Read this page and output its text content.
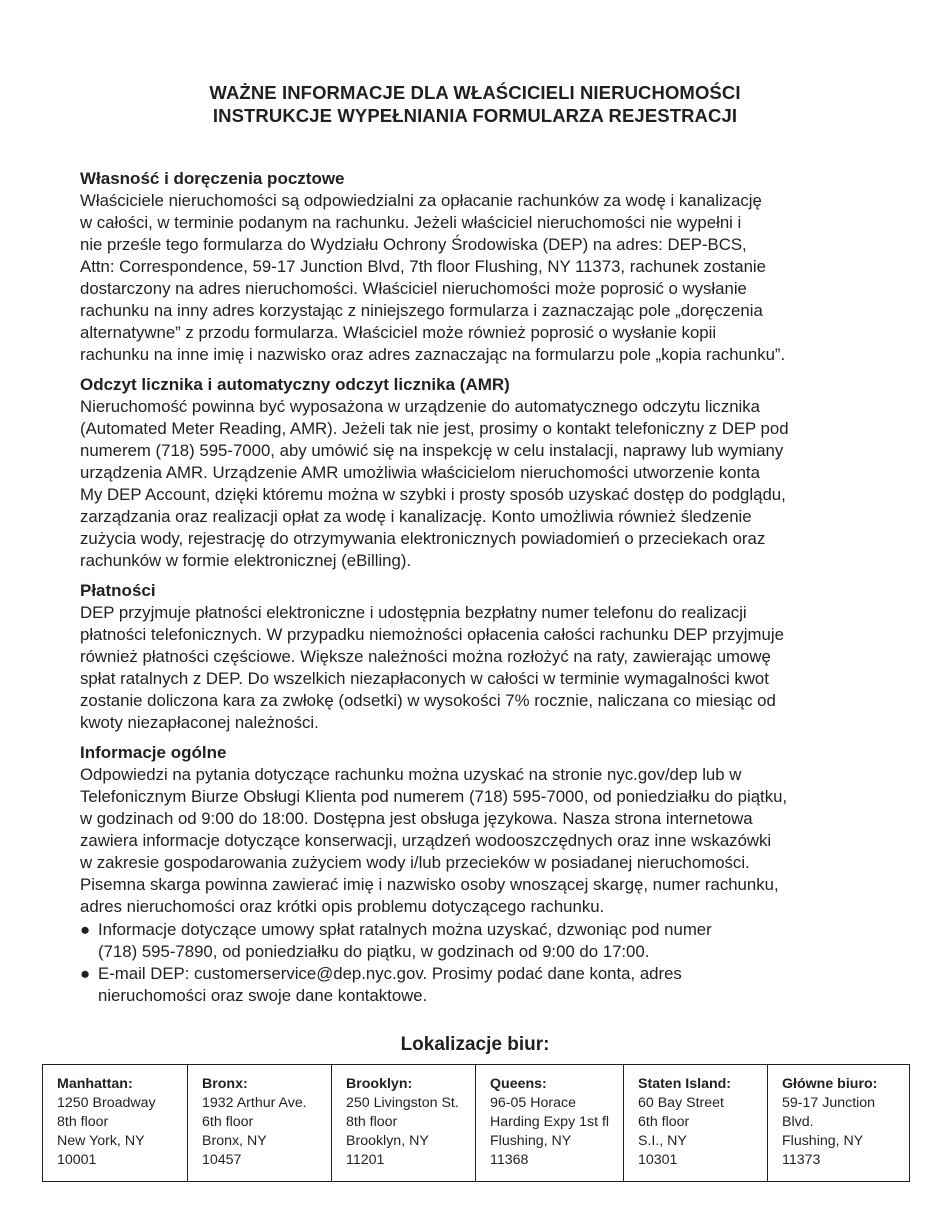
WAŻNE INFORMACJE DLA WŁAŚCICIELI NIERUCHOMOŚCI
INSTRUKCJE WYPEŁNIANIA FORMULARZA REJESTRACJI
Własność i doręczenia pocztowe

Właściciele nieruchomości są odpowiedzialni za opłacanie rachunków za wodę i kanalizację
w całości, w terminie podanym na rachunku. Jeżeli właściciel nieruchomości nie wypełni i
nie prześle tego formularza do Wydziału Ochrony Środowiska (DEP) na adres: DEP-BCS,
Attn: Correspondence, 59-17 Junction Blvd, 7th floor Flushing, NY 11373, rachunek zostanie
dostarczony na adres nieruchomości. Właściciel nieruchomości może poprosić o wysłanie
rachunku na inny adres korzystając z niniejszego formularza i zaznaczając pole „doręczenia
alternatywne” z przodu formularza. Właściciel może również poprosić o wysłanie kopii
rachunku na inne imię i nazwisko oraz adres zaznaczając na formularzu pole „kopia rachunku”.

Odczyt licznika i automatyczny odczyt licznika (AMR)

Nieruchomość powinna być wyposażona w urządzenie do automatycznego odczytu licznika
(Automated Meter Reading, AMR). Jeżeli tak nie jest, prosimy o kontakt telefoniczny z DEP pod
numerem (718) 595-7000, aby umówić się na inspekcję w celu instalacji, naprawy lub wymiany
urządzenia AMR. Urządzenie AMR umożliwia właścicielom nieruchomości utworzenie konta
My DEP Account, dzięki któremu można w szybki i prosty sposób uzyskać dostęp do podglądu,
zarządzania oraz realizacji opłat za wodę i kanalizację. Konto umożliwia również śledzenie
zużycia wody, rejestrację do otrzymywania elektronicznych powiadomień o przeciekach oraz
rachunków w formie elektronicznej (eBilling).

Płatności

DEP przyjmuje płatności elektroniczne i udostępnia bezpłatny numer telefonu do realizacji
płatności telefonicznych. W przypadku niemożności opłacenia całości rachunku DEP przyjmuje
również płatności częściowe. Większe należności można rozłożyć na raty, zawierając umowę
spłat ratalnych z DEP. Do wszelkich niezapłaconych w całości w terminie wymagalności kwot
zostanie doliczona kara za zwłokę (odsetki) w wysokości 7% rocznie, naliczana co miesiąc od
kwoty niezapłaconej należności.

Informacje ogólne

Odpowiedzi na pytania dotyczące rachunku można uzyskać na stronie nyc.gov/dep lub w
Telefonicznym Biurze Obsługi Klienta pod numerem (718) 595-7000, od poniedziałku do piątku,
w godzinach od 9:00 do 18:00. Dostępna jest obsługa językowa. Nasza strona internetowa
zawiera informacje dotyczące konserwacji, urządzeń wodooszczędnych oraz inne wskazówki
w zakresie gospodarowania zużyciem wody i/lub przecieków w posiadanej nieruchomości.
Pisemna skarga powinna zawierać imię i nazwisko osoby wnoszącej skargę, numer rachunku,
adres nieruchomości oraz krótki opis problemu dotyczącego rachunku.

● Informacje dotyczące umowy spłat ratalnych można uzyskać, dzwoniąc pod numer
(718) 595-7890, od poniedziałku do piątku, w godzinach od 9:00 do 17:00.
● E-mail DEP: customerservice@dep.nyc.gov. Prosimy podać dane konta, adres
nieruchomości oraz swoje dane kontaktowe.
Lokalizacje biur:
Manhattan:
1250 Broadway
8th floor
New York, NY
10001
Bronx:
1932 Arthur Ave.
6th floor
Bronx, NY
10457
Brooklyn:
250 Livingston St.
8th floor
Brooklyn, NY
11201
Queens:
96-05 Horace
Harding Expy 1st fl
Flushing, NY
11368
Staten Island:
60 Bay Street
6th floor
S.I., NY
10301
Główne biuro:
59-17 Junction
Blvd.
Flushing, NY
11373
